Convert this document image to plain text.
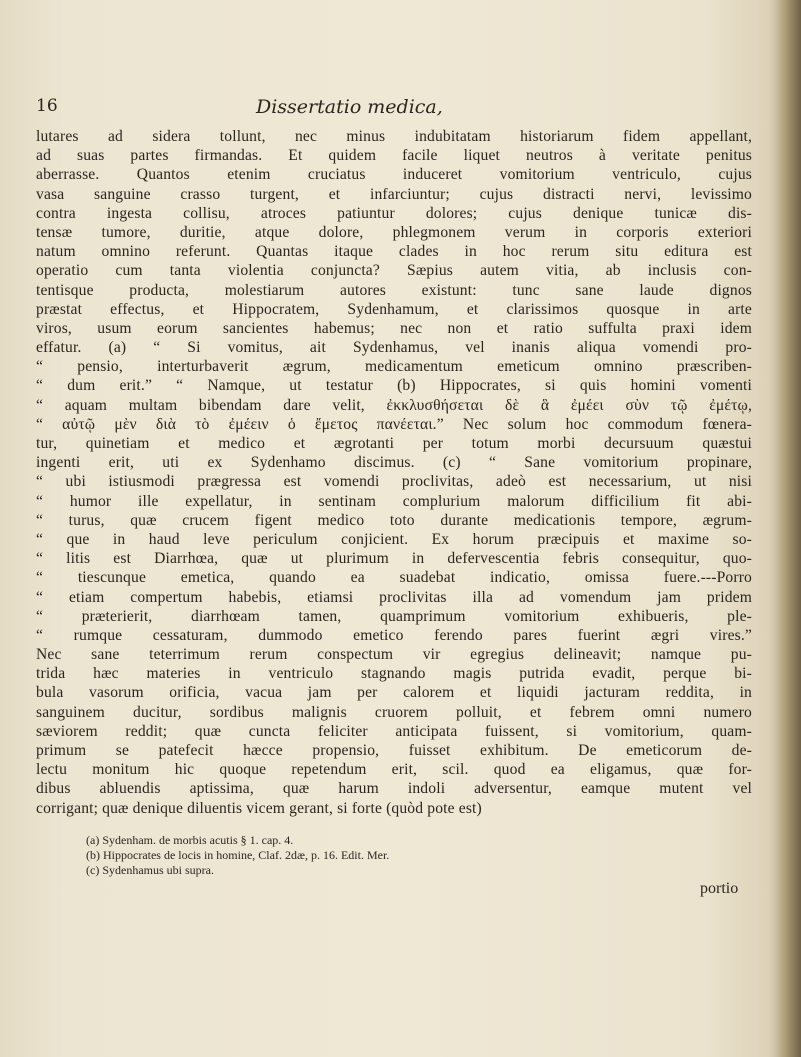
16	Dissertatio medica,
lutares ad sidera tollunt, nec minus indubitatam historiarum fidem appellant,
ad suas partes firmandas. Et quidem facile liquet neutros à veritate penitus
aberrasse. Quantos etenim cruciatus induceret vomitorium ventriculo, cujus
vasa sanguine crasso turgent, et infarciuntur; cujus distracti nervi, levissimo
contra ingesta collisu, atroces patiuntur dolores; cujus denique tunicæ dis-
tensæ tumore, duritie, atque dolore, phlegmonem verum in corporis exteriori
natum omnino referunt. Quantas itaque clades in hoc rerum situ editura est
operatio cum tanta violentia conjuncta? Sæpius autem vitia, ab inclusis con-
tentisque producta, molestiarum autores existunt: tunc sane laude dignos
præstat effectus, et Hippocratem, Sydenhamum, et clarissimos quosque in arte
viros, usum eorum sancientes habemus; nec non et ratio suffulta praxi idem
effatur. (a) “ Si vomitus, ait Sydenhamus, vel inanis aliqua vomendi pro-
“ pensio, interturbaverit ægrum, medicamentum emeticum omnino præscriben-
“ dum erit.” “ Namque, ut testatur (b) Hippocrates, si quis homini vomenti
“ aquam multam bibendam dare velit, ἐκκλυσθήσεται δὲ ἃ ἐμέει σὺν τῷ ἐμέτῳ,
“ αὐτῷ μὲν διὰ τὸ ἐμέειν ὁ ἔμετος πανέεται.” Nec solum hoc commodum fœnera-
tur, quinetiam et medico et ægrotanti per totum morbi decursuum quæstui
ingenti erit, uti ex Sydenhamo discimus. (c) “ Sane vomitorium propinare,
“ ubi istiusmodi prægressa est vomendi proclivitas, adeò est necessarium, ut nisi
“ humor ille expellatur, in sentinam complurium malorum difficilium fit abi-
“ turus, quæ crucem figent medico toto durante medicationis tempore, ægrum-
“ que in haud leve periculum conjicient. Ex horum præcipuis et maxime so-
“ litis est Diarrhœa, quæ ut plurimum in defervescentia febris consequitur, quo-
“ tiescunque emetica, quando ea suadebat indicatio, omissa fuere.---Porro
“ etiam compertum habebis, etiamsi proclivitas illa ad vomendum jam pridem
“ præterierit, diarrhœam tamen, quamprimum vomitorium exhibueris, ple-
“ rumque cessaturam, dummodo emetico ferendo pares fuerint ægri vires.”
Nec sane teterrimum rerum conspectum vir egregius delineavit; namque pu-
trida hæc materies in ventriculo stagnando magis putrida evadit, perque bi-
bula vasorum orificia, vacua jam per calorem et liquidi jacturam reddita, in
sanguinem ducitur, sordibus malignis cruorem polluit, et febrem omni numero
sæviorem reddit; quæ cuncta feliciter anticipata fuissent, si vomitorium, quam-
primum se patefecit hæcce propensio, fuisset exhibitum. De emeticorum de-
lectu monitum hic quoque repetendum erit, scil. quod ea eligamus, quæ for-
dibus abluendis aptissima, quæ harum indoli adversentur, eamque mutent vel
corrigant; quæ denique diluentis vicem gerant, si forte (quòd pote est)
(a) Sydenham. de morbis acutis § 1. cap. 4.
(b) Hippocrates de locis in homine, Claf. 2dæ, p. 16. Edit. Mer.
(c) Sydenhamus ubi supra.
portio
